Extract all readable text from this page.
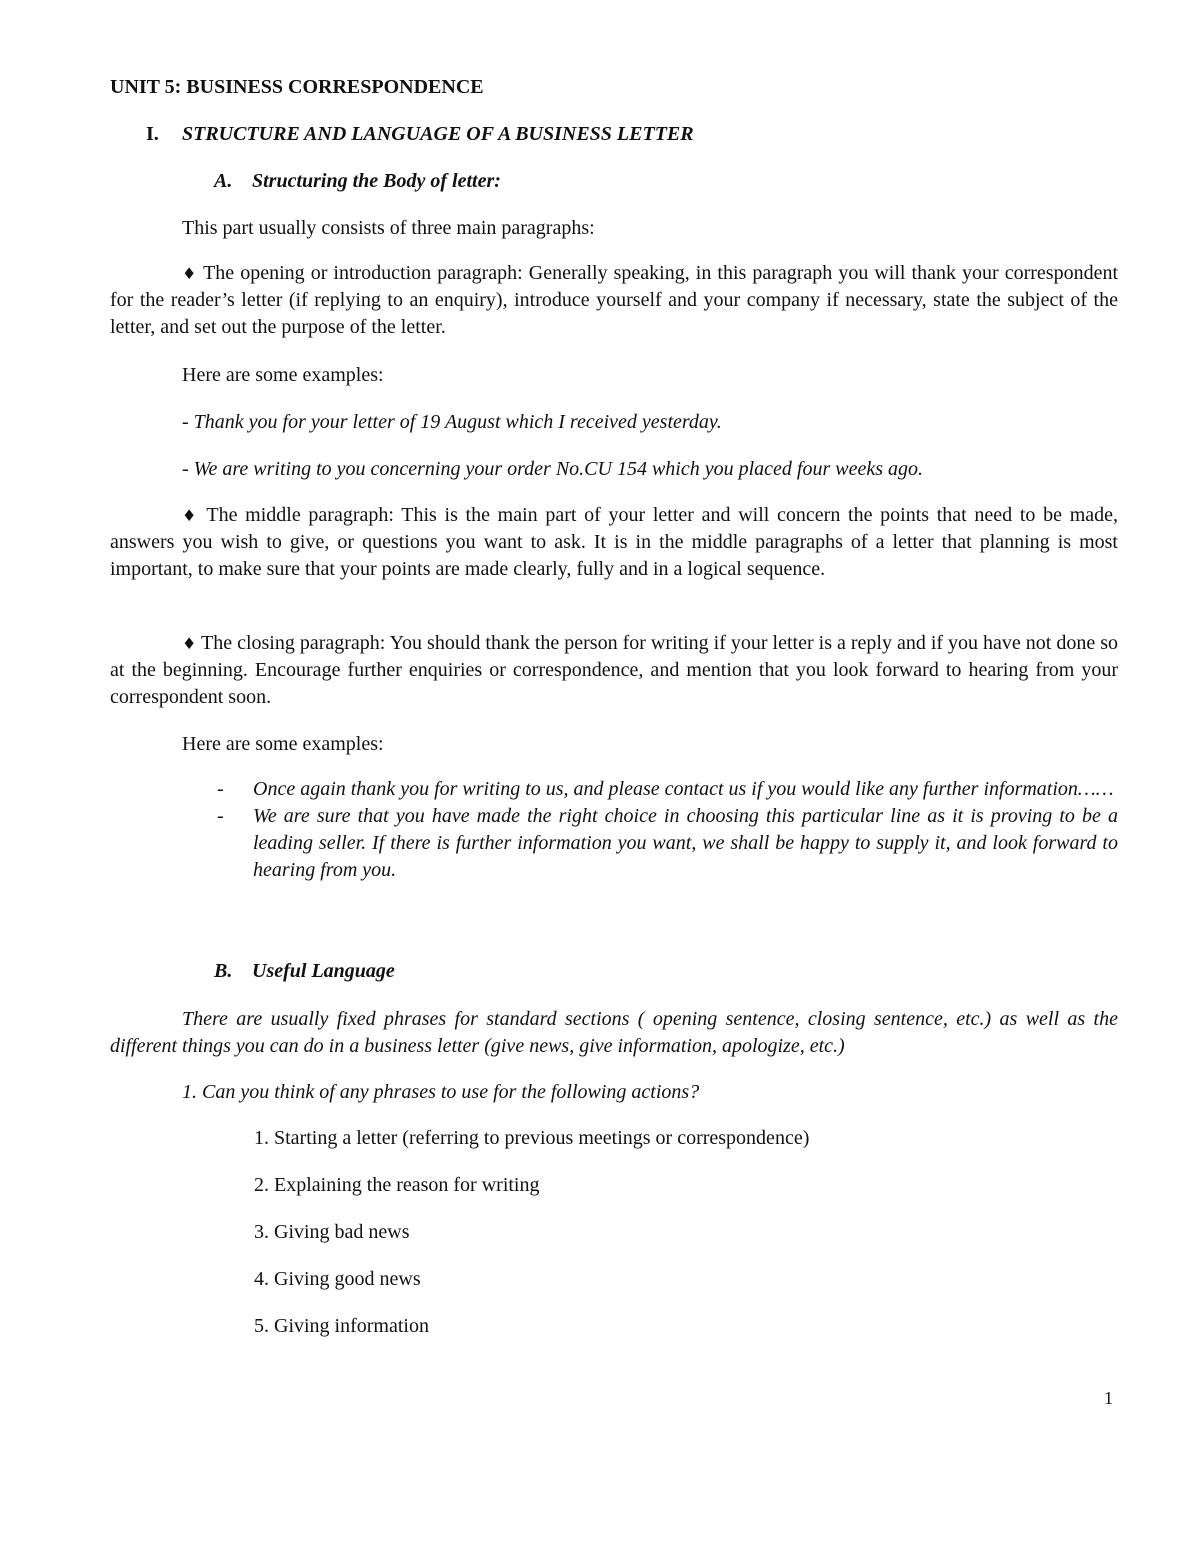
UNIT 5: BUSINESS CORRESPONDENCE

I. STRUCTURE AND LANGUAGE OF A BUSINESS LETTER

A. Structuring the Body of letter:

This part usually consists of three main paragraphs:

♦ The opening or introduction paragraph: Generally speaking, in this paragraph you will thank your correspondent for the reader’s letter (if replying to an enquiry), introduce yourself and your company if necessary, state the subject of the letter, and set out the purpose of the letter.

Here are some examples:

- Thank you for your letter of 19 August which I received yesterday.

- We are writing to you concerning your order No.CU 154 which you placed four weeks ago.

♦ The middle paragraph: This is the main part of your letter and will concern the points that need to be made, answers you wish to give, or questions you want to ask. It is in the middle paragraphs of a letter that planning is most important, to make sure that your points are made clearly, fully and in a logical sequence.

♦ The closing paragraph: You should thank the person for writing if your letter is a reply and if you have not done so at the beginning. Encourage further enquiries or correspondence, and mention that you look forward to hearing from your correspondent soon.

Here are some examples:

- Once again thank you for writing to us, and please contact us if you would like any further information……
- We are sure that you have made the right choice in choosing this particular line as it is proving to be a leading seller. If there is further information you want, we shall be happy to supply it, and look forward to hearing from you.

B. Useful Language

There are usually fixed phrases for standard sections ( opening sentence, closing sentence, etc.) as well as the different things you can do in a business letter (give news, give information, apologize, etc.)

1. Can you think of any phrases to use for the following actions?

1. Starting a letter (referring to previous meetings or correspondence)
2. Explaining the reason for writing
3. Giving bad news
4. Giving good news
5. Giving information
1
